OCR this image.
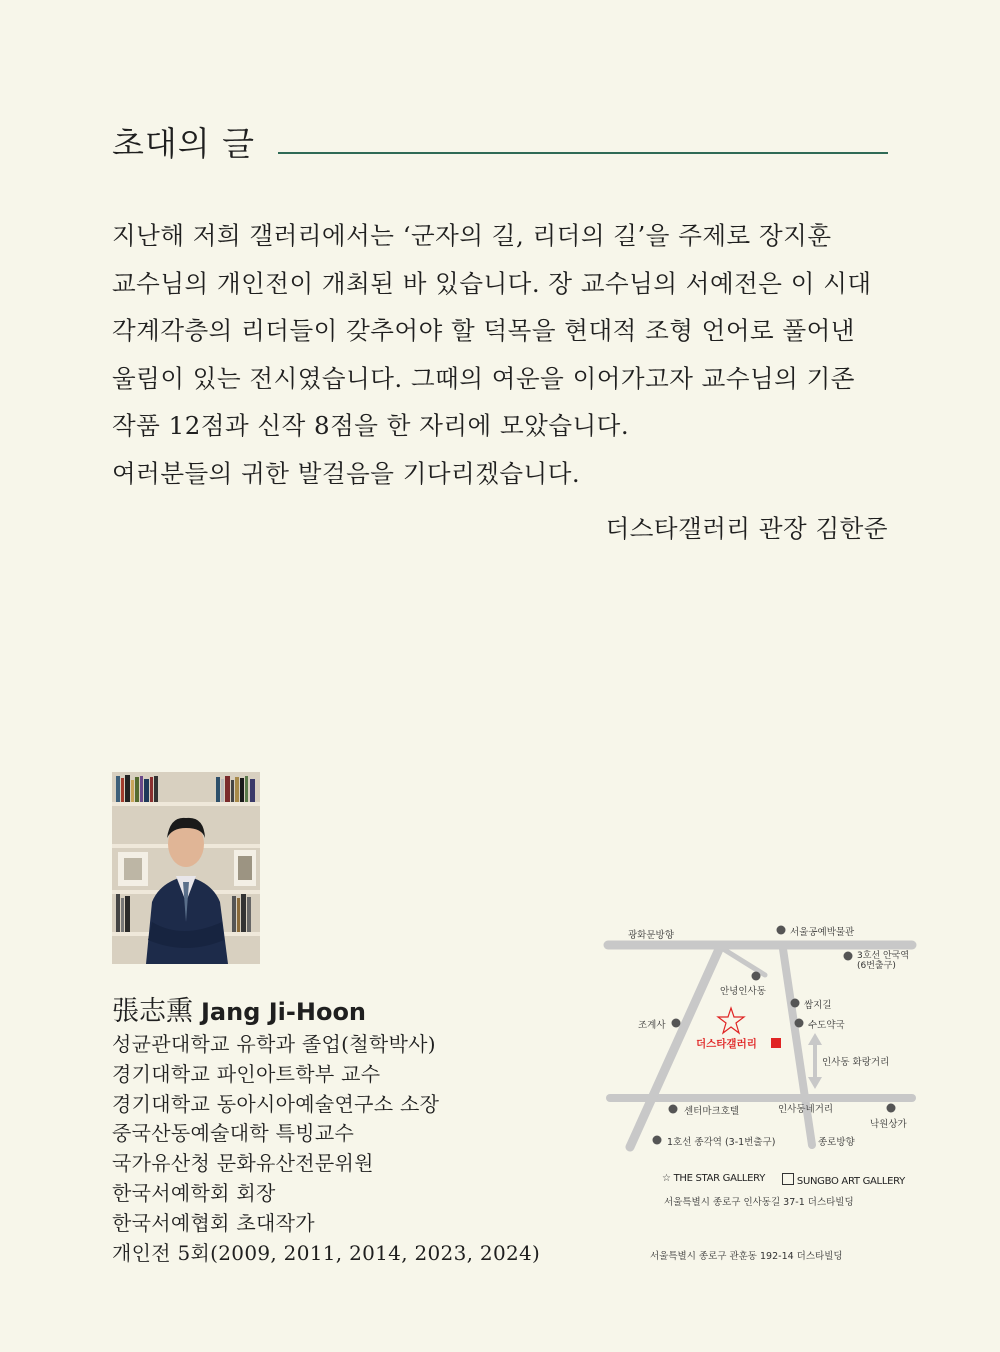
초대의 글

지난해 저희 갤러리에서는 ‘군자의 길, 리더의 길’을 주제로 장지훈

교수님의 개인전이 개최된 바 있습니다. 장 교수님의 서예전은 이 시대

각계각층의 리더들이 갖추어야 할 덕목을 현대적 조형 언어로 풀어낸

울림이 있는 전시였습니다. 그때의 여운을 이어가고자 교수님의 기존

작품 12점과 신작 8점을 한 자리에 모았습니다.

여러분들의 귀한 발걸음을 기다리겠습니다.

더스타갤러리 관장 김한준
張志熏 Jang Ji-Hoon
성균관대학교 유학과 졸업(철학박사)
경기대학교 파인아트학부 교수
경기대학교 동아시아예술연구소 소장
중국산동예술대학 특빙교수
국가유산청 문화유산전문위원
한국서예학회 회장
한국서예협회 초대작가
개인전 5회(2009, 2011, 2014, 2023, 2024)
광화문방향	서울공예박물관
3호선 안국역
(6번출구)
안녕인사동
쌈지길
조계사	수도약국
더스타갤러리
인사동 화랑거리
센터마크호텔	인사동네거리
낙원상가
1호선 종각역 (3-1번출구)	종로방향
☆ THE STAR GALLERY	SUNGBO ART GALLERY
서울특별시 종로구 인사동길 37-1 더스타빌딩
서울특별시 종로구 관훈동 192-14 더스타빌딩
